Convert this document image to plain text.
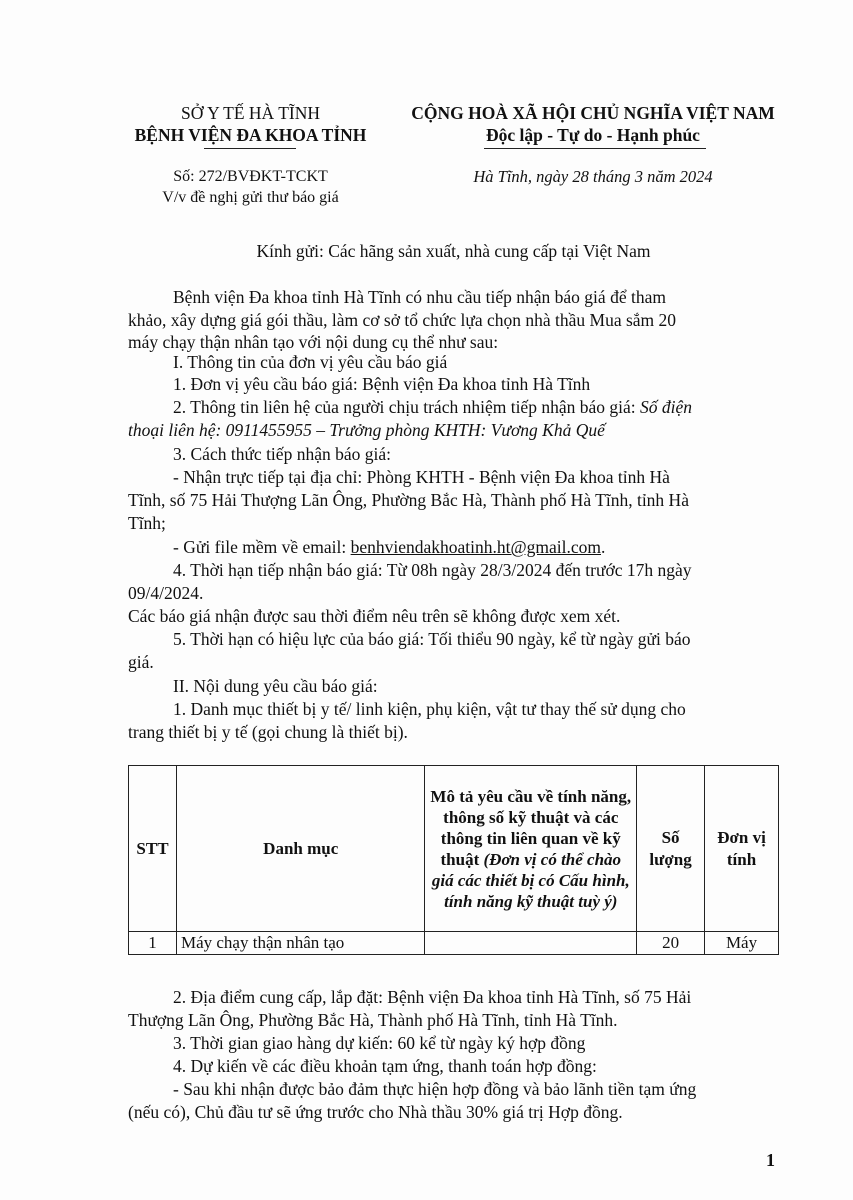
SỞ Y TẾ HÀ TĨNH
BỆNH VIỆN ĐA KHOA TỈNH
Số: 272/BVĐKT-TCKT
V/v đề nghị gửi thư báo giá
CỘNG HOÀ XÃ HỘI CHỦ NGHĨA VIỆT NAM
Độc lập - Tự do - Hạnh phúc
Hà Tĩnh, ngày 28 tháng 3 năm 2024
Kính gửi: Các hãng sản xuất, nhà cung cấp tại Việt Nam
Bệnh viện Đa khoa tỉnh Hà Tĩnh có nhu cầu tiếp nhận báo giá để tham
khảo, xây dựng giá gói thầu, làm cơ sở tổ chức lựa chọn nhà thầu Mua sắm 20
máy chạy thận nhân tạo với nội dung cụ thể như sau:
I. Thông tin của đơn vị yêu cầu báo giá
1. Đơn vị yêu cầu báo giá: Bệnh viện Đa khoa tỉnh Hà Tĩnh
2. Thông tin liên hệ của người chịu trách nhiệm tiếp nhận báo giá: Số điện
thoại liên hệ: 0911455955 – Trưởng phòng KHTH: Vương Khả Quế
3. Cách thức tiếp nhận báo giá:
- Nhận trực tiếp tại địa chỉ: Phòng KHTH - Bệnh viện Đa khoa tỉnh Hà
Tĩnh, số 75 Hải Thượng Lãn Ông, Phường Bắc Hà, Thành phố Hà Tĩnh, tỉnh Hà
Tĩnh;
- Gửi file mềm về email: benhviendakhoatinh.ht@gmail.com.
4. Thời hạn tiếp nhận báo giá: Từ 08h ngày 28/3/2024 đến trước 17h ngày
09/4/2024.
Các báo giá nhận được sau thời điểm nêu trên sẽ không được xem xét.
5. Thời hạn có hiệu lực của báo giá: Tối thiểu 90 ngày, kể từ ngày gửi báo
giá.
II. Nội dung yêu cầu báo giá:
1. Danh mục thiết bị y tế/ linh kiện, phụ kiện, vật tư thay thế sử dụng cho
trang thiết bị y tế (gọi chung là thiết bị).
STT	Danh mục	Mô tả yêu cầu về tính năng, thông số kỹ thuật và các thông tin liên quan về kỹ thuật (Đơn vị có thể chào giá các thiết bị có Cấu hình, tính năng kỹ thuật tuỳ ý)	Số lượng	Đơn vị tính
1	Máy chạy thận nhân tạo		20	Máy
2. Địa điểm cung cấp, lắp đặt: Bệnh viện Đa khoa tỉnh Hà Tĩnh, số 75 Hải
Thượng Lãn Ông, Phường Bắc Hà, Thành phố Hà Tĩnh, tỉnh Hà Tĩnh.
3. Thời gian giao hàng dự kiến: 60 kể từ ngày ký hợp đồng
4. Dự kiến về các điều khoản tạm ứng, thanh toán hợp đồng:
- Sau khi nhận được bảo đảm thực hiện hợp đồng và bảo lãnh tiền tạm ứng
(nếu có), Chủ đầu tư sẽ ứng trước cho Nhà thầu 30% giá trị Hợp đồng.
1
